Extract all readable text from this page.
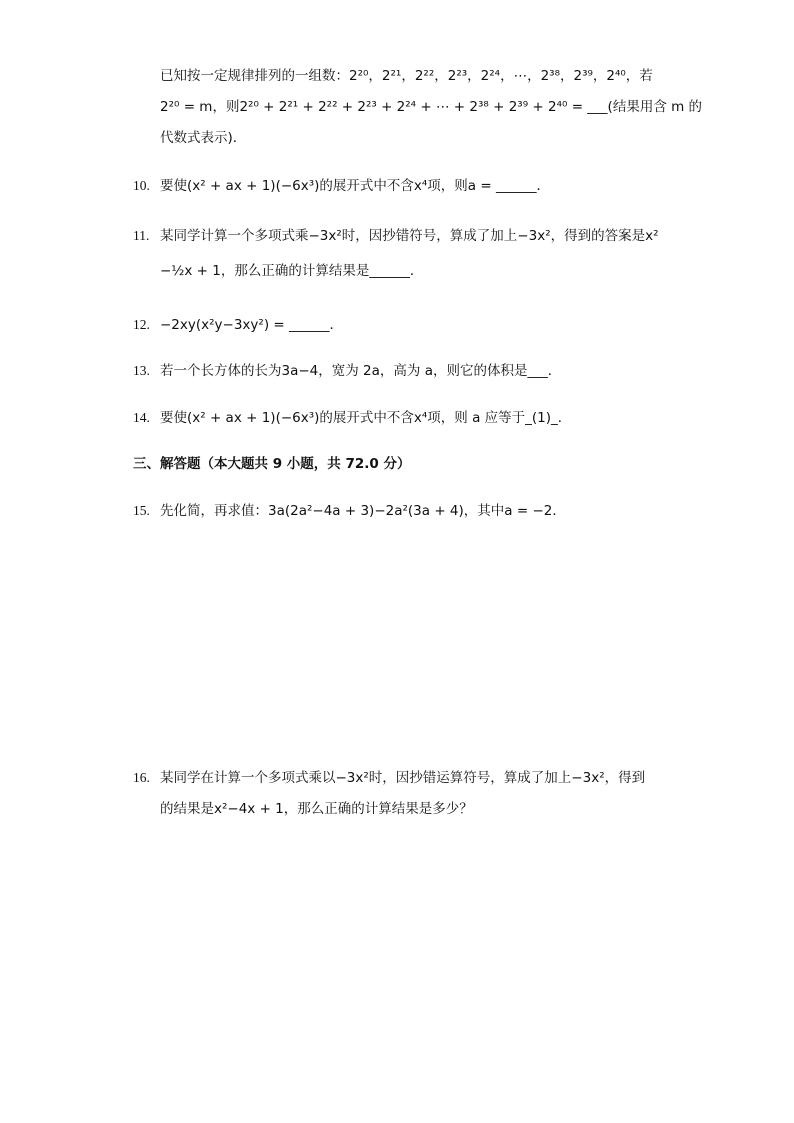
已知按一定规律排列的一组数：2²⁰，2²¹，2²²，2²³，2²⁴，⋯，2³⁸，2³⁹，2⁴⁰，若
2²⁰ = m，则2²⁰ + 2²¹ + 2²² + 2²³ + 2²⁴ + ⋯ + 2³⁸ + 2³⁹ + 2⁴⁰ = ___(结果用含 m 的
代数式表示)．
10. 要使(x² + ax + 1)(−6x³)的展开式中不含x⁴项，则a = ______．
11. 某同学计算一个多项式乘−3x²时，因抄错符号，算成了加上−3x²，得到的答案是x²
−½x + 1，那么正确的计算结果是______．
12. −2xy(x²y−3xy²) = ______．
13. 若一个长方体的长为3a−4，宽为 2a，高为 a，则它的体积是___．
14. 要使(x² + ax + 1)(−6x³)的展开式中不含x⁴项，则 a 应等于_(1)_．
三、解答题（本大题共 9 小题，共 72.0 分）
15. 先化简，再求值：3a(2a²−4a + 3)−2a²(3a + 4)，其中a = −2．
16. 某同学在计算一个多项式乘以−3x²时，因抄错运算符号，算成了加上−3x²，得到
的结果是x²−4x + 1，那么正确的计算结果是多少？
